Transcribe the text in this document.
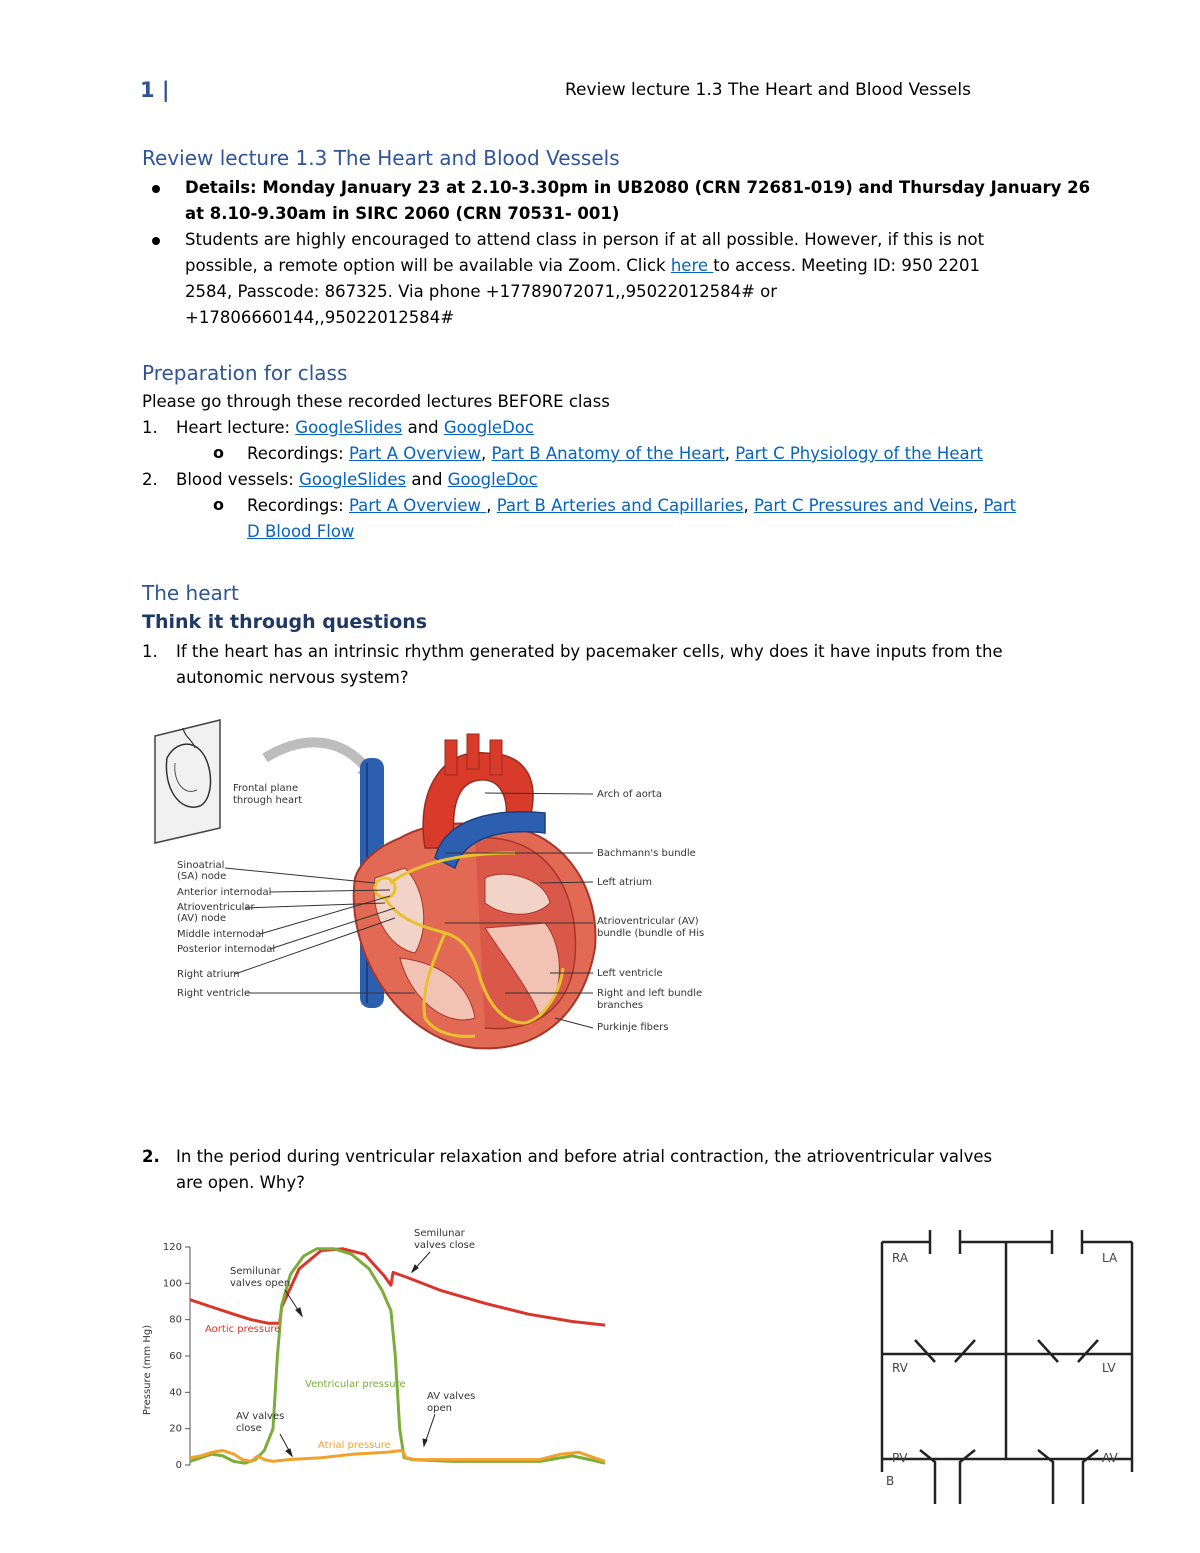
1 |	Review lecture 1.3 The Heart and Blood Vessels
Review lecture 1.3 The Heart and Blood Vessels
Details: Monday January 23 at 2.10-3.30pm in UB2080 (CRN 72681-019) and Thursday January 26
at 8.10-9.30am in SIRC 2060 (CRN 70531- 001)
Students are highly encouraged to attend class in person if at all possible. However, if this is not
possible, a remote option will be available via Zoom. Click here to access. Meeting ID: 950 2201
2584, Passcode: 867325. Via phone +17789072071,,95022012584# or
+17806660144,,95022012584#
Preparation for class
Please go through these recorded lectures BEFORE class
1. Heart lecture: GoogleSlides and GoogleDoc
o Recordings: Part A Overview, Part B Anatomy of the Heart, Part C Physiology of the Heart
2. Blood vessels: GoogleSlides and GoogleDoc
o Recordings: Part A Overview , Part B Arteries and Capillaries, Part C Pressures and Veins, Part
D Blood Flow
The heart
Think it through questions
1. If the heart has an intrinsic rhythm generated by pacemaker cells, why does it have inputs from the
autonomic nervous system?
Frontal plane
through heart
Sinoatrial
(SA) node
Anterior internodal
Atrioventricular
(AV) node
Middle internodal
Posterior internodal
Right atrium
Right ventricle
Arch of aorta
Bachmann's bundle
Left atrium
Atrioventricular (AV)
bundle (bundle of His
Left ventricle
Right and left bundle
branches
Purkinje fibers
2. In the period during ventricular relaxation and before atrial contraction, the atrioventricular valves
are open. Why?
0
20
40
60
80
100
120
Pressure (mm Hg)
Semilunar
valves open
Semilunar
valves close
AV valves
close
AV valves
open
Aortic pressure
Ventricular pressure
Atrial pressure
RA	LA
RV	LV
PV	AV
B
